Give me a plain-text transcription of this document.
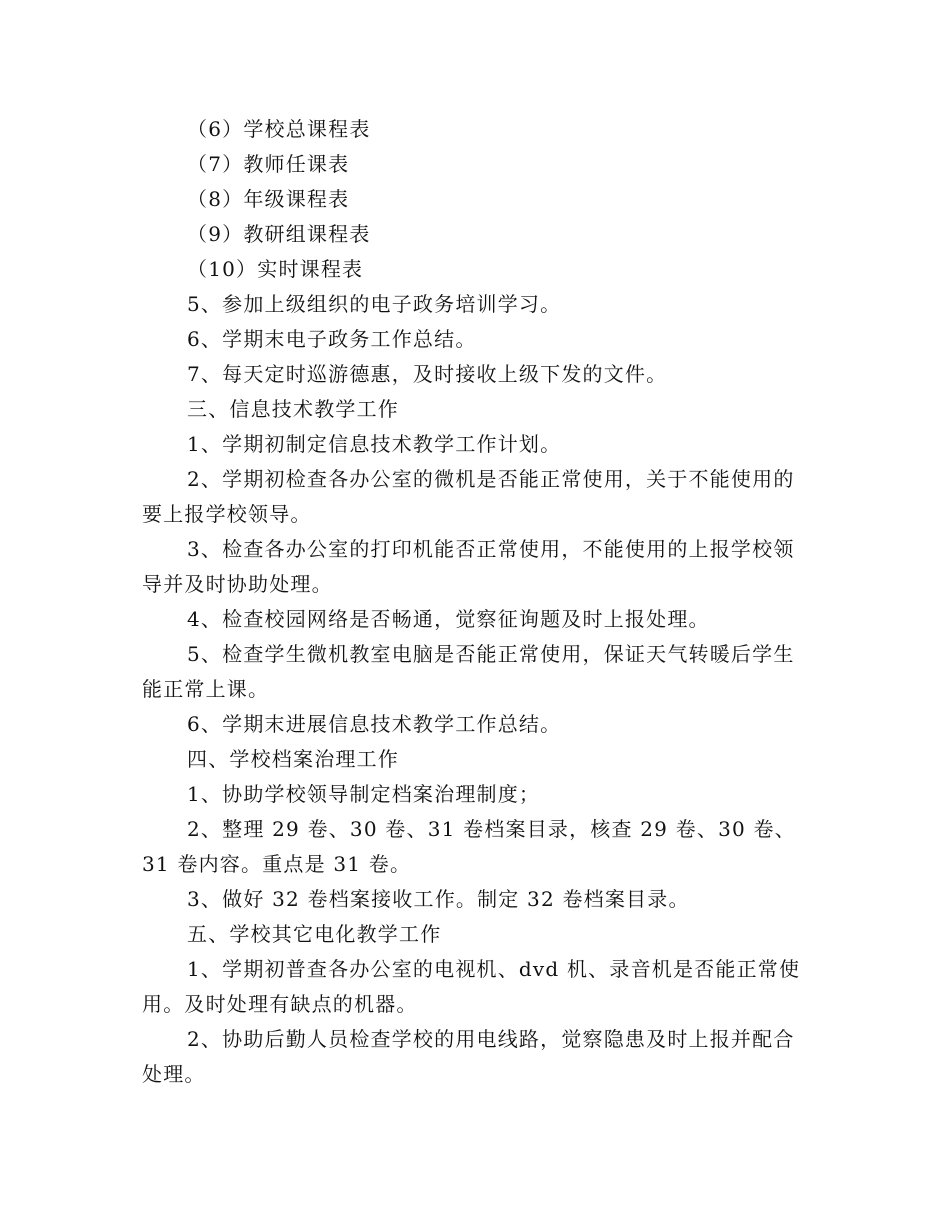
（6）学校总课程表
（7）教师任课表
（8）年级课程表
（9）教研组课程表
（10）实时课程表
5、参加上级组织的电子政务培训学习。
6、学期末电子政务工作总结。
7、每天定时巡游德惠，及时接收上级下发的文件。
三、信息技术教学工作
1、学期初制定信息技术教学工作计划。

2、学期初检查各办公室的微机是否能正常使用，关于不能使用的要上报学校领导。

3、检查各办公室的打印机能否正常使用，不能使用的上报学校领导并及时协助处理。

4、检查校园网络是否畅通，觉察征询题及时上报处理。

5、检查学生微机教室电脑是否能正常使用，保证天气转暖后学生能正常上课。

6、学期末进展信息技术教学工作总结。
四、学校档案治理工作
1、协助学校领导制定档案治理制度；

2、整理 29 卷、30 卷、31 卷档案目录，核查 29 卷、30 卷、31 卷内容。重点是 31 卷。

3、做好 32 卷档案接收工作。制定 32 卷档案目录。
五、学校其它电化教学工作

1、学期初普查各办公室的电视机、dvd 机、录音机是否能正常使用。及时处理有缺点的机器。

2、协助后勤人员检查学校的用电线路，觉察隐患及时上报并配合处理。
